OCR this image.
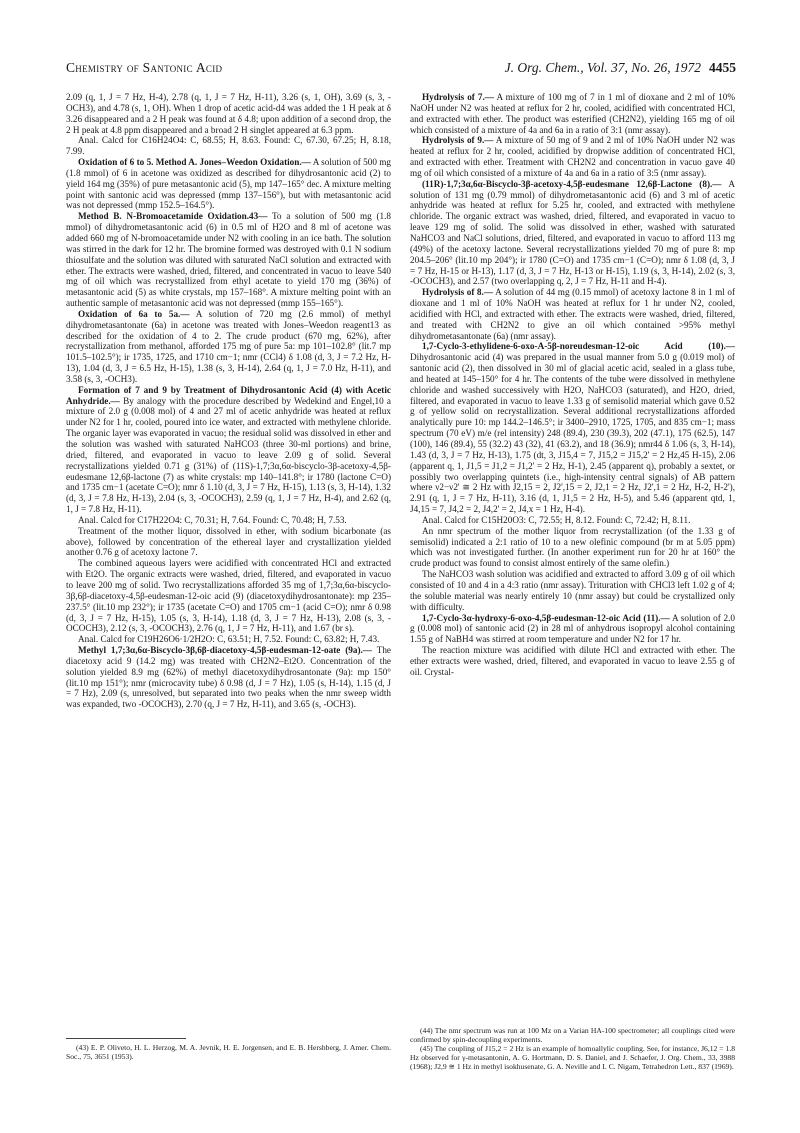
Chemistry of Santonic Acid	J. Org. Chem., Vol. 37, No. 26, 1972 4455

2.09 (q, 1, J = 7 Hz, H-4), 2.78 (q, 1, J = 7 Hz, H-11), 3.26 (s, 1, OH), 3.69 (s, 3, -OCH3), and 4.78 (s, 1, OH). When 1 drop of acetic acid-d4 was added the 1 H peak at δ 3.26 disappeared and a 2 H peak was found at δ 4.8; upon addition of a second drop, the 2 H peak at 4.8 ppm disappeared and a broad 2 H singlet appeared at 6.3 ppm.

Anal. Calcd for C16H24O4: C, 68.55; H, 8.63. Found: C, 67.30, 67.25; H, 8.18, 7.99.

Oxidation of 6 to 5. Method A. Jones–Weedon Oxidation.— A solution of 500 mg (1.8 mmol) of 6 in acetone was oxidized as described for dihydrosantonic acid (2) to yield 164 mg (35%) of pure metasantonic acid (5), mp 147–165° dec. A mixture melting point with santonic acid was depressed (mmp 137–156°), but with metasantonic acid was not depressed (mmp 152.5–164.5°).

Method B. N-Bromoacetamide Oxidation.43— To a solution of 500 mg (1.8 mmol) of dihydrometasantonic acid (6) in 0.5 ml of H2O and 8 ml of acetone was added 660 mg of N-bromoacetamide under N2 with cooling in an ice bath. The solution was stirred in the dark for 12 hr. The bromine formed was destroyed with 0.1 N sodium thiosulfate and the solution was diluted with saturated NaCl solution and extracted with ether. The extracts were washed, dried, filtered, and concentrated in vacuo to leave 540 mg of oil which was recrystallized from ethyl acetate to yield 170 mg (36%) of metasantonic acid (5) as white crystals, mp 157–168°. A mixture melting point with an authentic sample of metasantonic acid was not depressed (mmp 155–165°).

Oxidation of 6a to 5a.— A solution of 720 mg (2.6 mmol) of methyl dihydrometasantonate (6a) in acetone was treated with Jones–Weedon reagent13 as described for the oxidation of 4 to 2. The crude product (670 mg, 62%), after recrystallization from methanol, afforded 175 mg of pure 5a: mp 101–102.8° (lit.7 mp 101.5–102.5°); ir 1735, 1725, and 1710 cm−1; nmr (CCl4) δ 1.08 (d, 3, J = 7.2 Hz, H-13), 1.04 (d, 3, J = 6.5 Hz, H-15), 1.38 (s, 3, H-14), 2.64 (q, 1, J = 7.0 Hz, H-11), and 3.58 (s, 3, -OCH3).

Formation of 7 and 9 by Treatment of Dihydrosantonic Acid (4) with Acetic Anhydride.— By analogy with the procedure described by Wedekind and Engel,10 a mixture of 2.0 g (0.008 mol) of 4 and 27 ml of acetic anhydride was heated at reflux under N2 for 1 hr, cooled, poured into ice water, and extracted with methylene chloride. The organic layer was evaporated in vacuo; the residual solid was dissolved in ether and the solution was washed with saturated NaHCO3 (three 30-ml portions) and brine, dried, filtered, and evaporated in vacuo to leave 2.09 g of solid. Several recrystallizations yielded 0.71 g (31%) of (11S)-1,7;3α,6α-biscyclo-3β-acetoxy-4,5β-eudesmane 12,6β-lactone (7) as white crystals: mp 140–141.8°; ir 1780 (lactone C=O) and 1735 cm−1 (acetate C=O); nmr δ 1.10 (d, 3, J = 7 Hz, H-15), 1.13 (s, 3, H-14), 1.32 (d, 3, J = 7.8 Hz, H-13), 2.04 (s, 3, -OCOCH3), 2.59 (q, 1, J = 7 Hz, H-4), and 2.62 (q, 1, J = 7.8 Hz, H-11).

Anal. Calcd for C17H22O4: C, 70.31; H, 7.64. Found: C, 70.48; H, 7.53.

Treatment of the mother liquor, dissolved in ether, with sodium bicarbonate (as above), followed by concentration of the ethereal layer and crystallization yielded another 0.76 g of acetoxy lactone 7.

The combined aqueous layers were acidified with concentrated HCl and extracted with Et2O. The organic extracts were washed, dried, filtered, and evaporated in vacuo to leave 200 mg of solid. Two recrystallizations afforded 35 mg of 1,7;3α,6α-biscyclo-3β,6β-diacetoxy-4,5β-eudesman-12-oic acid (9) (diacetoxydihydrosantonate): mp 235–237.5° (lit.10 mp 232°); ir 1735 (acetate C=O) and 1705 cm−1 (acid C=O); nmr δ 0.98 (d, 3, J = 7 Hz, H-15), 1.05 (s, 3, H-14), 1.18 (d, 3, J = 7 Hz, H-13), 2.08 (s, 3, -OCOCH3), 2.12 (s, 3, -OCOCH3), 2.76 (q, 1, J = 7 Hz, H-11), and 1.67 (br s).

Anal. Calcd for C19H26O6·1/2H2O: C, 63.51; H, 7.52. Found: C, 63.82; H, 7.43.

Methyl 1,7;3α,6α-Biscyclo-3β,6β-diacetoxy-4,5β-eudesman-12-oate (9a).— The diacetoxy acid 9 (14.2 mg) was treated with CH2N2–Et2O. Concentration of the solution yielded 8.9 mg (62%) of methyl diacetoxydihydrosantonate (9a): mp 150° (lit.10 mp 151°); nmr (microcavity tube) δ 0.98 (d, J = 7 Hz), 1.05 (s, H-14), 1.15 (d, J = 7 Hz), 2.09 (s, unresolved, but separated into two peaks when the nmr sweep width was expanded, two -OCOCH3), 2.70 (q, J = 7 Hz, H-11), and 3.65 (s, -OCH3).

Hydrolysis of 7.— A mixture of 100 mg of 7 in 1 ml of dioxane and 2 ml of 10% NaOH under N2 was heated at reflux for 2 hr, cooled, acidified with concentrated HCl, and extracted with ether. The product was esterified (CH2N2), yielding 165 mg of oil which consisted of a mixture of 4a and 6a in a ratio of 3:1 (nmr assay).

Hydrolysis of 9.— A mixture of 50 mg of 9 and 2 ml of 10% NaOH under N2 was heated at reflux for 2 hr, cooled, acidified by dropwise addition of concentrated HCl, and extracted with ether. Treatment with CH2N2 and concentration in vacuo gave 40 mg of oil which consisted of a mixture of 4a and 6a in a ratio of 3:5 (nmr assay).

(11R)-1,7;3α,6α-Biscyclo-3β-acetoxy-4,5β-eudesmane 12,6β-Lactone (8).— A solution of 131 mg (0.79 mmol) of dihydrometasantonic acid (6) and 3 ml of acetic anhydride was heated at reflux for 5.25 hr, cooled, and extracted with methylene chloride. The organic extract was washed, dried, filtered, and evaporated in vacuo to leave 129 mg of solid. The solid was dissolved in ether, washed with saturated NaHCO3 and NaCl solutions, dried, filtered, and evaporated in vacuo to afford 113 mg (49%) of the acetoxy lactone. Several recrystallizations yielded 70 mg of pure 8: mp 204.5–206° (lit.10 mp 204°); ir 1780 (C=O) and 1735 cm−1 (C=O); nmr δ 1.08 (d, 3, J = 7 Hz, H-15 or H-13), 1.17 (d, 3, J = 7 Hz, H-13 or H-15), 1.19 (s, 3, H-14), 2.02 (s, 3, -OCOCH3), and 2.57 (two overlapping q, 2, J = 7 Hz, H-11 and H-4).

Hydrolysis of 8.— A solution of 44 mg (0.15 mmol) of acetoxy lactone 8 in 1 ml of dioxane and 1 ml of 10% NaOH was heated at reflux for 1 hr under N2, cooled, acidified with HCl, and extracted with ether. The extracts were washed, dried, filtered, and treated with CH2N2 to give an oil which contained >95% methyl dihydrometasantonate (6a) (nmr assay).

1,7-Cyclo-3-ethylidene-6-oxo-A-5β-noreudesman-12-oic Acid (10).— Dihydrosantonic acid (4) was prepared in the usual manner from 5.0 g (0.019 mol) of santonic acid (2), then dissolved in 30 ml of glacial acetic acid, sealed in a glass tube, and heated at 145–150° for 4 hr. The contents of the tube were dissolved in methylene chloride and washed successively with H2O, NaHCO3 (saturated), and H2O, dried, filtered, and evaporated in vacuo to leave 1.33 g of semisolid material which gave 0.52 g of yellow solid on recrystallization. Several additional recrystallizations afforded analytically pure 10: mp 144.2–146.5°; ir 3400–2910, 1725, 1705, and 835 cm−1; mass spectrum (70 eV) m/e (rel intensity) 248 (89.4), 230 (39.3), 202 (47.1), 175 (62.5), 147 (100), 146 (89.4), 55 (32.2) 43 (32), 41 (63.2), and 18 (36.9); nmr44 δ 1.06 (s, 3, H-14), 1.43 (d, 3, J = 7 Hz, H-13), 1.75 (dt, 3, J15,4 = 7, J15,2 = J15,2' = 2 Hz,45 H-15), 2.06 (apparent q, 1, J1,5 = J1,2 = J1,2' = 2 Hz, H-1), 2.45 (apparent q), probably a sextet, or possibly two overlapping quintets (i.e., high-intensity central signals) of AB pattern where ν2−ν2' ≅ 2 Hz with J2,15 = 2, J2',15 = 2, J2,1 = 2 Hz, J2',1 = 2 Hz, H-2, H-2'), 2.91 (q, 1, J = 7 Hz, H-11), 3.16 (d, 1, J1,5 = 2 Hz, H-5), and 5.46 (apparent qtd, 1, J4,15 = 7, J4,2 = 2, J4,2' = 2, J4,x = 1 Hz, H-4).

Anal. Calcd for C15H20O3: C, 72.55; H, 8.12. Found: C, 72.42; H, 8.11.

An nmr spectrum of the mother liquor from recrystallization (of the 1.33 g of semisolid) indicated a 2:1 ratio of 10 to a new olefinic compound (br m at 5.05 ppm) which was not investigated further. (In another experiment run for 20 hr at 160° the crude product was found to consist almost entirely of the same olefin.)

The NaHCO3 wash solution was acidified and extracted to afford 3.09 g of oil which consisted of 10 and 4 in a 4:3 ratio (nmr assay). Trituration with CHCl3 left 1.02 g of 4; the soluble material was nearly entirely 10 (nmr assay) but could be crystallized only with difficulty.

1,7-Cyclo-3α-hydroxy-6-oxo-4,5β-eudesman-12-oic Acid (11).— A solution of 2.0 g (0.008 mol) of santonic acid (2) in 28 ml of anhydrous isopropyl alcohol containing 1.55 g of NaBH4 was stirred at room temperature and under N2 for 17 hr.

The reaction mixture was acidified with dilute HCl and extracted with ether. The ether extracts were washed, dried, filtered, and evaporated in vacuo to leave 2.55 g of oil. Crystal-

(43) E. P. Oliveto, H. L. Herzog, M. A. Jevnik, H. E. Jorgensen, and E. B. Hershberg, J. Amer. Chem. Soc., 75, 3651 (1953).

(44) The nmr spectrum was run at 100 Mz on a Varian HA-100 spectrometer; all couplings cited were confirmed by spin-decoupling experiments.

(45) The coupling of J15,2 = 2 Hz is an example of homoallylic coupling. See, for instance, J6,12 = 1.8 Hz observed for γ-metasantonin, A. G. Hortmann, D. S. Daniel, and J. Schaefer, J. Org. Chem., 33, 3988 (1968); J2,9 ≅ 1 Hz in methyl isokhusenate, G. A. Neville and I. C. Nigam, Tetrahedron Lett., 837 (1969).
